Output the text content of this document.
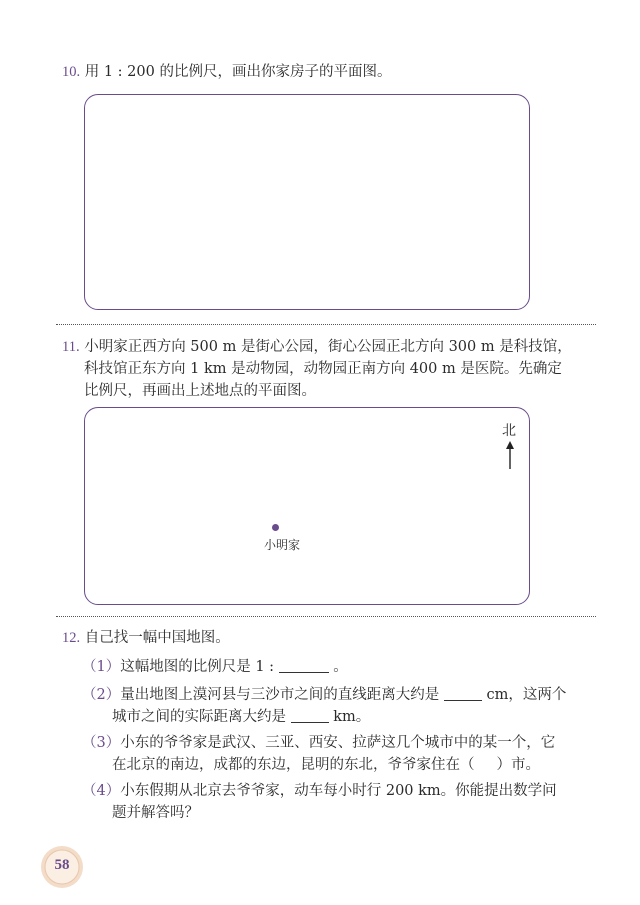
10. 用 1 : 200 的比例尺，画出你家房子的平面图。
11. 小明家正西方向 500 m 是街心公园，街心公园正北方向 300 m 是科技馆，
科技馆正东方向 1 km 是动物园，动物园正南方向 400 m 是医院。先确定
比例尺，再画出上述地点的平面图。
北
小明家
12. 自己找一幅中国地图。
（1）这幅地图的比例尺是 1 :	。
（2）量出地图上漠河县与三沙市之间的直线距离大约是	cm，这两个
城市之间的实际距离大约是	km。
（3）小东的爷爷家是武汉、三亚、西安、拉萨这几个城市中的某一个，它
在北京的南边，成都的东边，昆明的东北，爷爷家住在（ ）市。
（4）小东假期从北京去爷爷家，动车每小时行 200 km。你能提出数学问
题并解答吗？
58
